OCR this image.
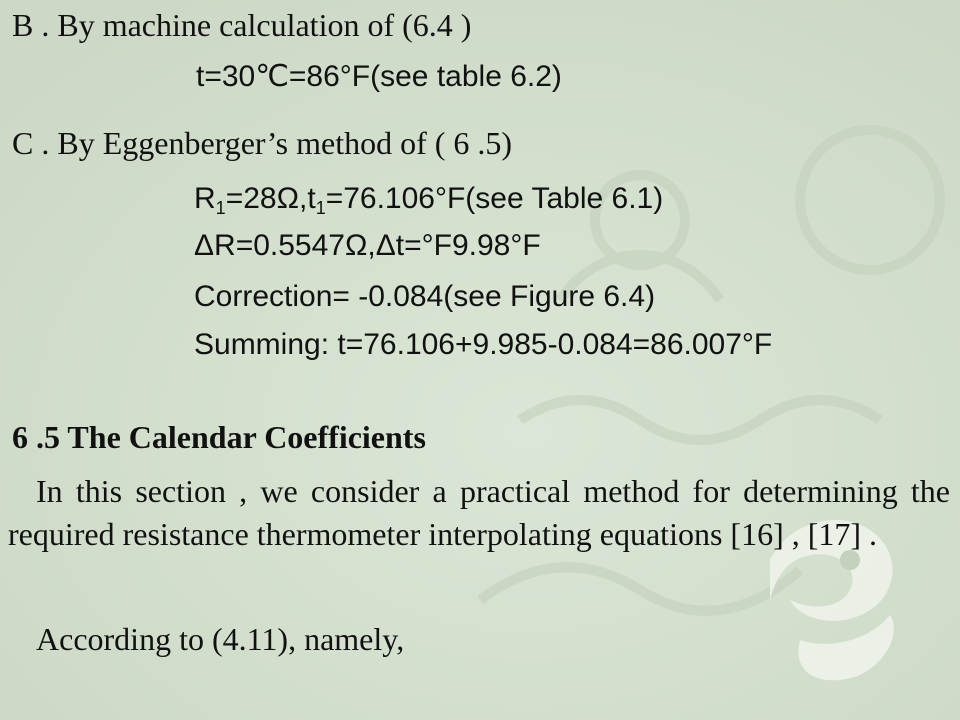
B . By machine calculation of (6.4 )
t=30℃=86°F(see table 6.2)
C . By Eggenberger’s method of ( 6 .5)
$R_1=28\Omega,t_1=76.106^\circ F(see$ Table 6.1)
ΔR=0.5547Ω,Δt=°F9.98°F
Correction= -0.084(see Figure 6.4)
Summing: t=76.106+9.985-0.084=86.007°F
6 .5 The Calendar Coefficients

In this section , we consider a practical method for determining the required resistance thermometer interpolating equations [16] , [17] .

According to (4.11), namely,
